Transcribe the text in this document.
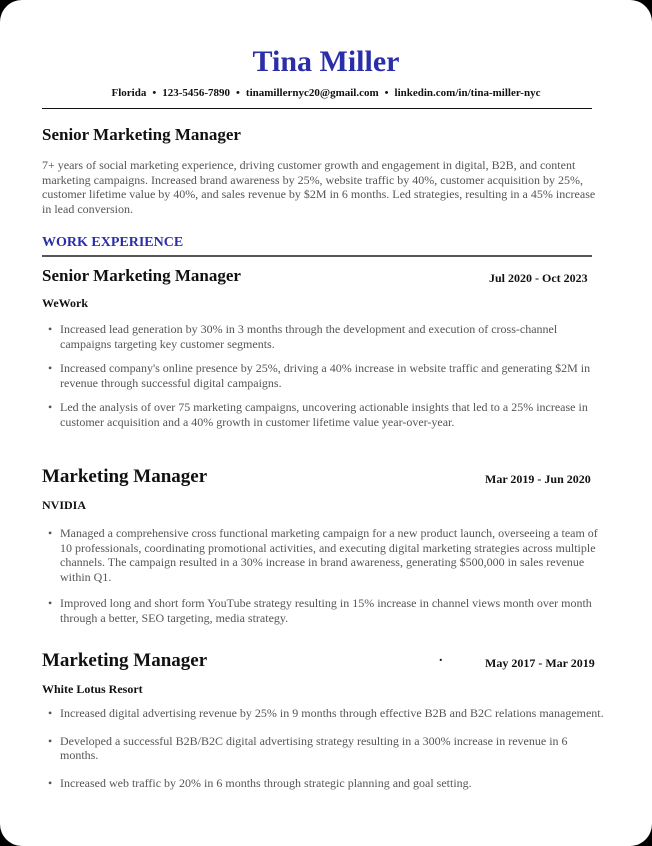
Tina Miller
Florida • 123-5456-7890 • tinamillernyc20@gmail.com • linkedin.com/in/tina-miller-nyc
Senior Marketing Manager
7+ years of social marketing experience, driving customer growth and engagement in digital, B2B, and content marketing campaigns. Increased brand awareness by 25%, website traffic by 40%, customer acquisition by 25%, customer lifetime value by 40%, and sales revenue by $2M in 6 months. Led strategies, resulting in a 45% increase in lead conversion.
WORK EXPERIENCE
Senior Marketing Manager	Jul 2020 - Oct 2023
WeWork
• Increased lead generation by 30% in 3 months through the development and execution of cross-channel campaigns targeting key customer segments.
• Increased company's online presence by 25%, driving a 40% increase in website traffic and generating $2M in revenue through successful digital campaigns.
• Led the analysis of over 75 marketing campaigns, uncovering actionable insights that led to a 25% increase in customer acquisition and a 40% growth in customer lifetime value year-over-year.
Marketing Manager	Mar 2019 - Jun 2020
NVIDIA
• Managed a comprehensive cross functional marketing campaign for a new product launch, overseeing a team of 10 professionals, coordinating promotional activities, and executing digital marketing strategies across multiple channels. The campaign resulted in a 30% increase in brand awareness, generating $500,000 in sales revenue within Q1.
• Improved long and short form YouTube strategy resulting in 15% increase in channel views month over month through a better, SEO targeting, media strategy.
Marketing Manager	.	May 2017 - Mar 2019
White Lotus Resort
• Increased digital advertising revenue by 25% in 9 months through effective B2B and B2C relations management.
• Developed a successful B2B/B2C digital advertising strategy resulting in a 300% increase in revenue in 6 months.
• Increased web traffic by 20% in 6 months through strategic planning and goal setting.
